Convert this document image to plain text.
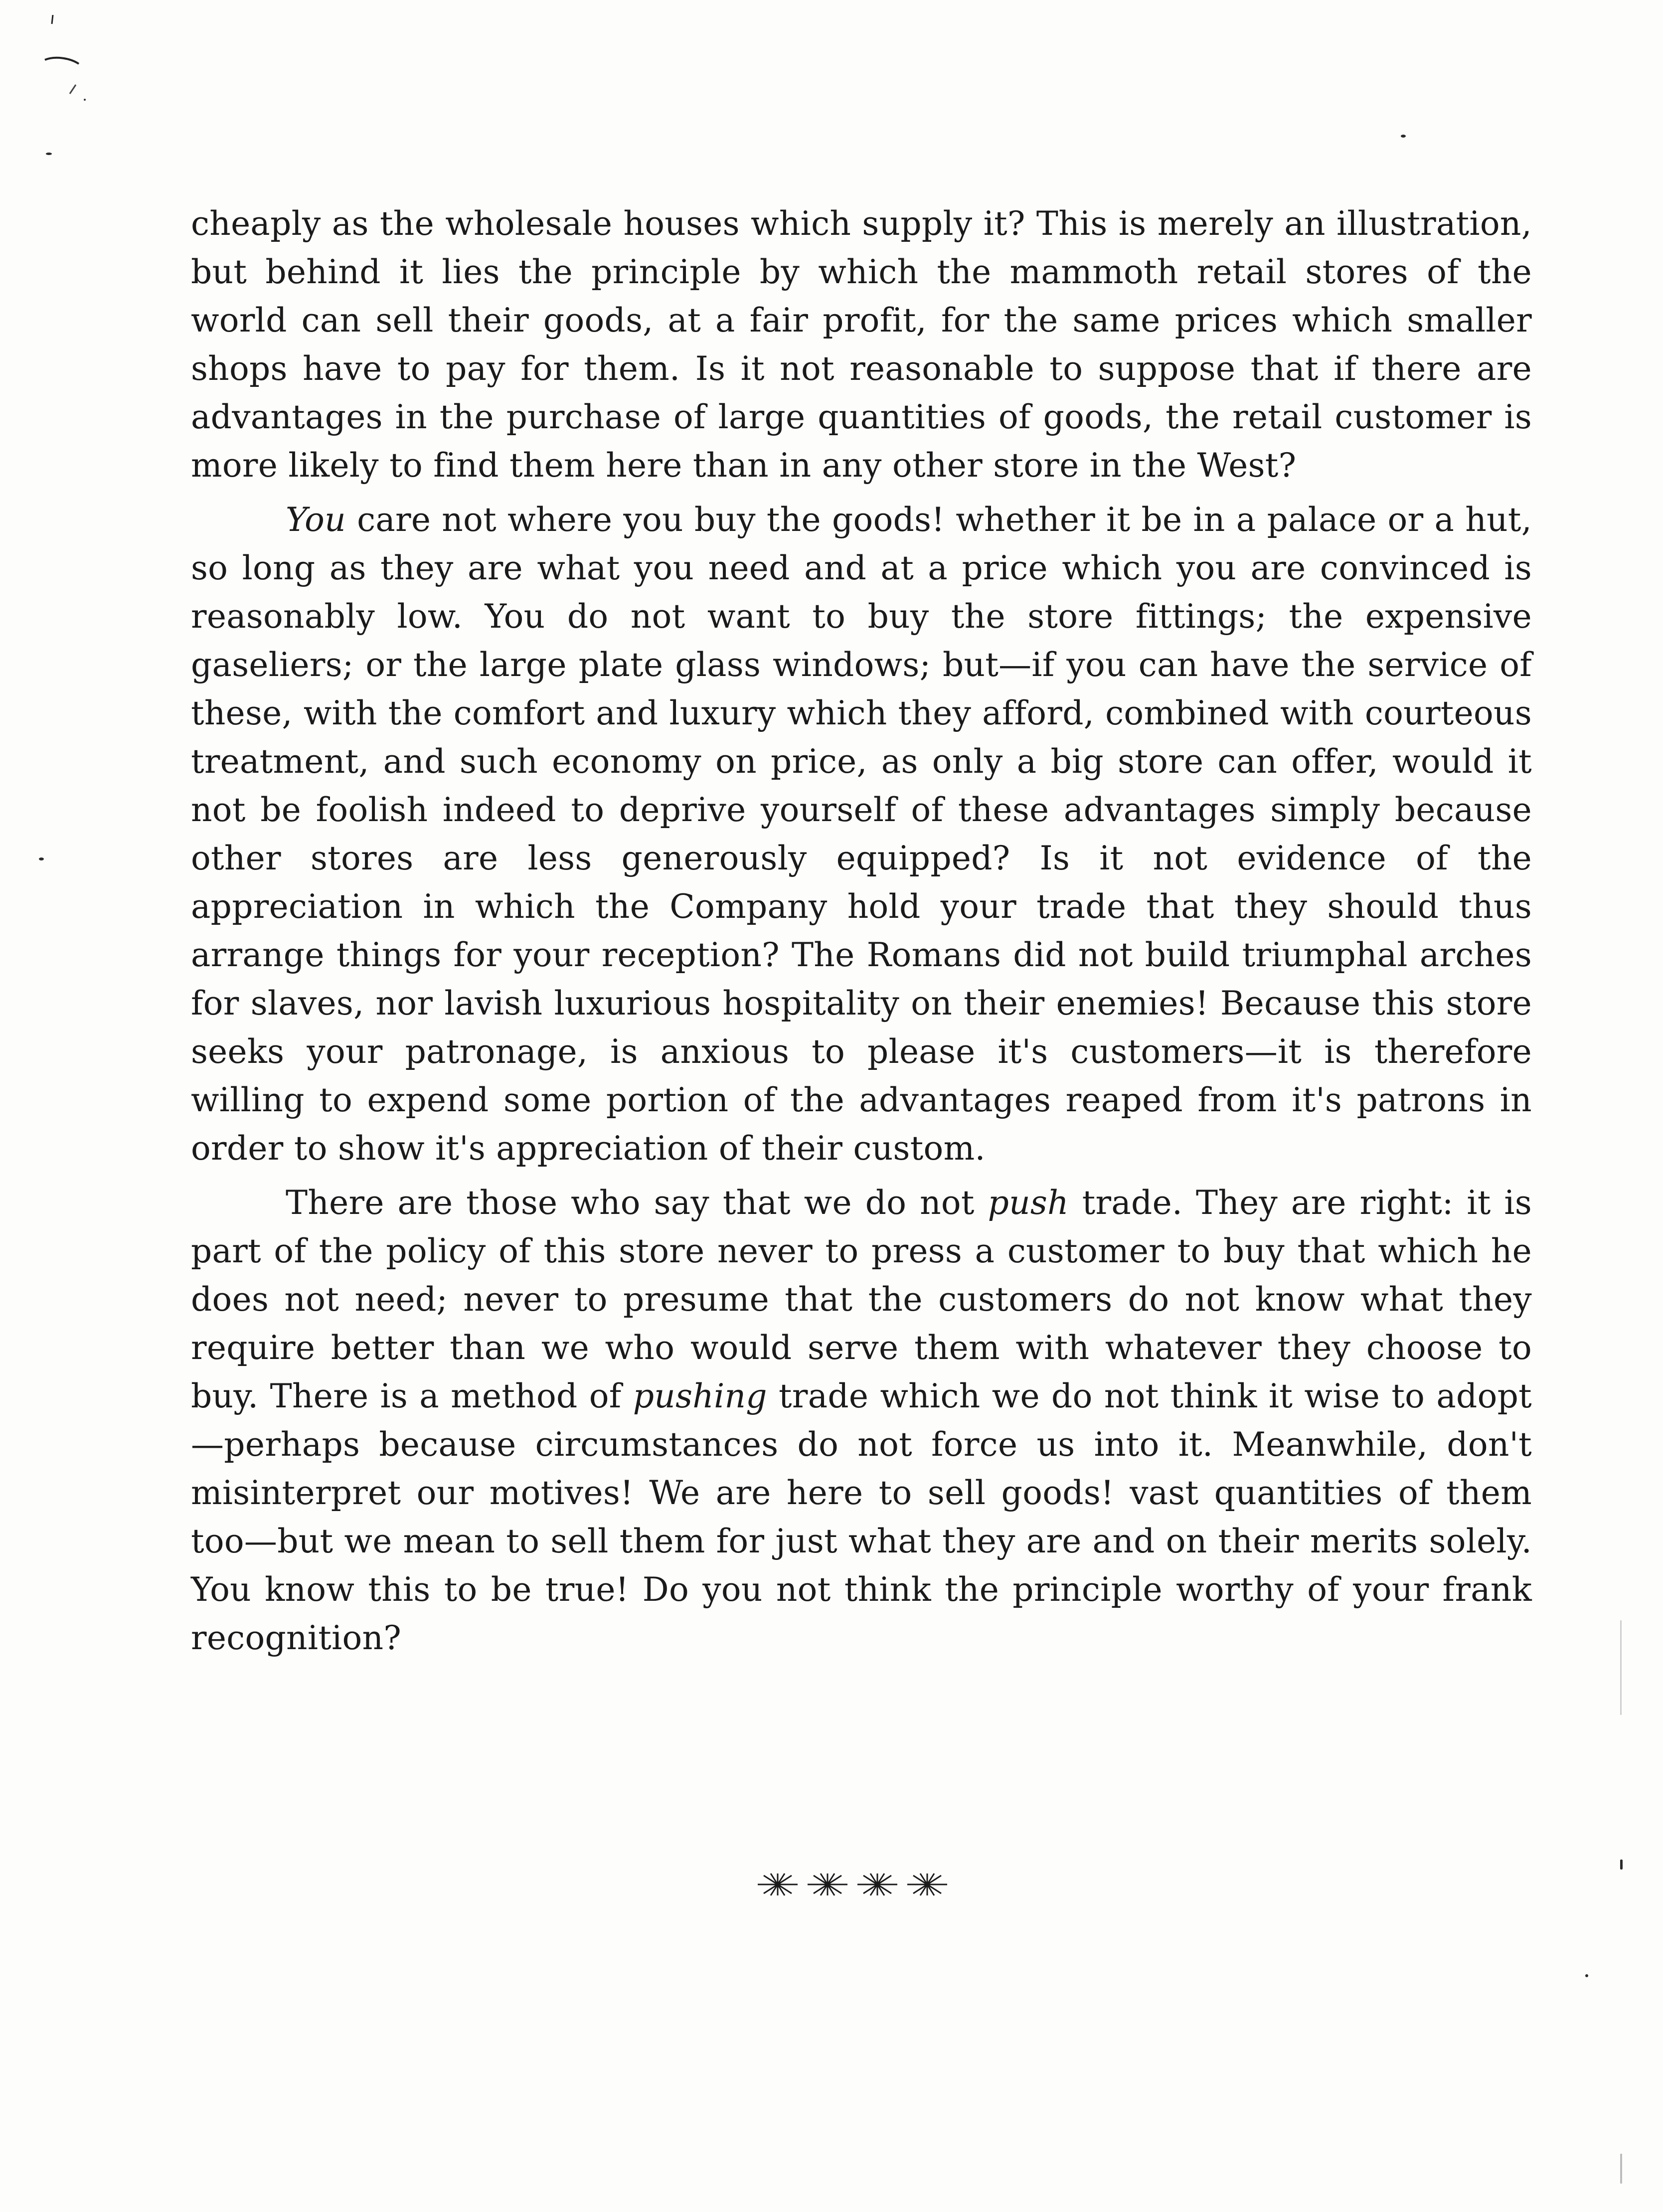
cheaply as the wholesale houses which supply it? This is merely an illustration, but behind it lies the principle by which the mammoth retail stores of the world can sell their goods, at a fair profit, for the same prices which smaller shops have to pay for them. Is it not reasonable to suppose that if there are advantages in the purchase of large quantities of goods, the retail customer is more likely to find them here than in any other store in the West?

You care not where you buy the goods! whether it be in a palace or a hut, so long as they are what you need and at a price which you are convinced is reasonably low. You do not want to buy the store fittings; the expensive gaseliers; or the large plate glass windows; but—if you can have the service of these, with the comfort and luxury which they afford, combined with courteous treatment, and such economy on price, as only a big store can offer, would it not be foolish indeed to deprive yourself of these advantages simply because other stores are less generously equipped? Is it not evidence of the appreciation in which the Company hold your trade that they should thus arrange things for your reception? The Romans did not build triumphal arches for slaves, nor lavish luxurious hospitality on their enemies! Because this store seeks your patronage, is anxious to please it's customers—it is therefore willing to expend some portion of the advantages reaped from it's patrons in order to show it's appreciation of their custom.

There are those who say that we do not push trade. They are right: it is part of the policy of this store never to press a customer to buy that which he does not need; never to presume that the customers do not know what they require better than we who would serve them with whatever they choose to buy. There is a method of pushing trade which we do not think it wise to adopt—perhaps because circumstances do not force us into it. Meanwhile, don't misinterpret our motives! We are here to sell goods! vast quantities of them too—but we mean to sell them for just what they are and on their merits solely. You know this to be true! Do you not think the principle worthy of your frank recognition?
